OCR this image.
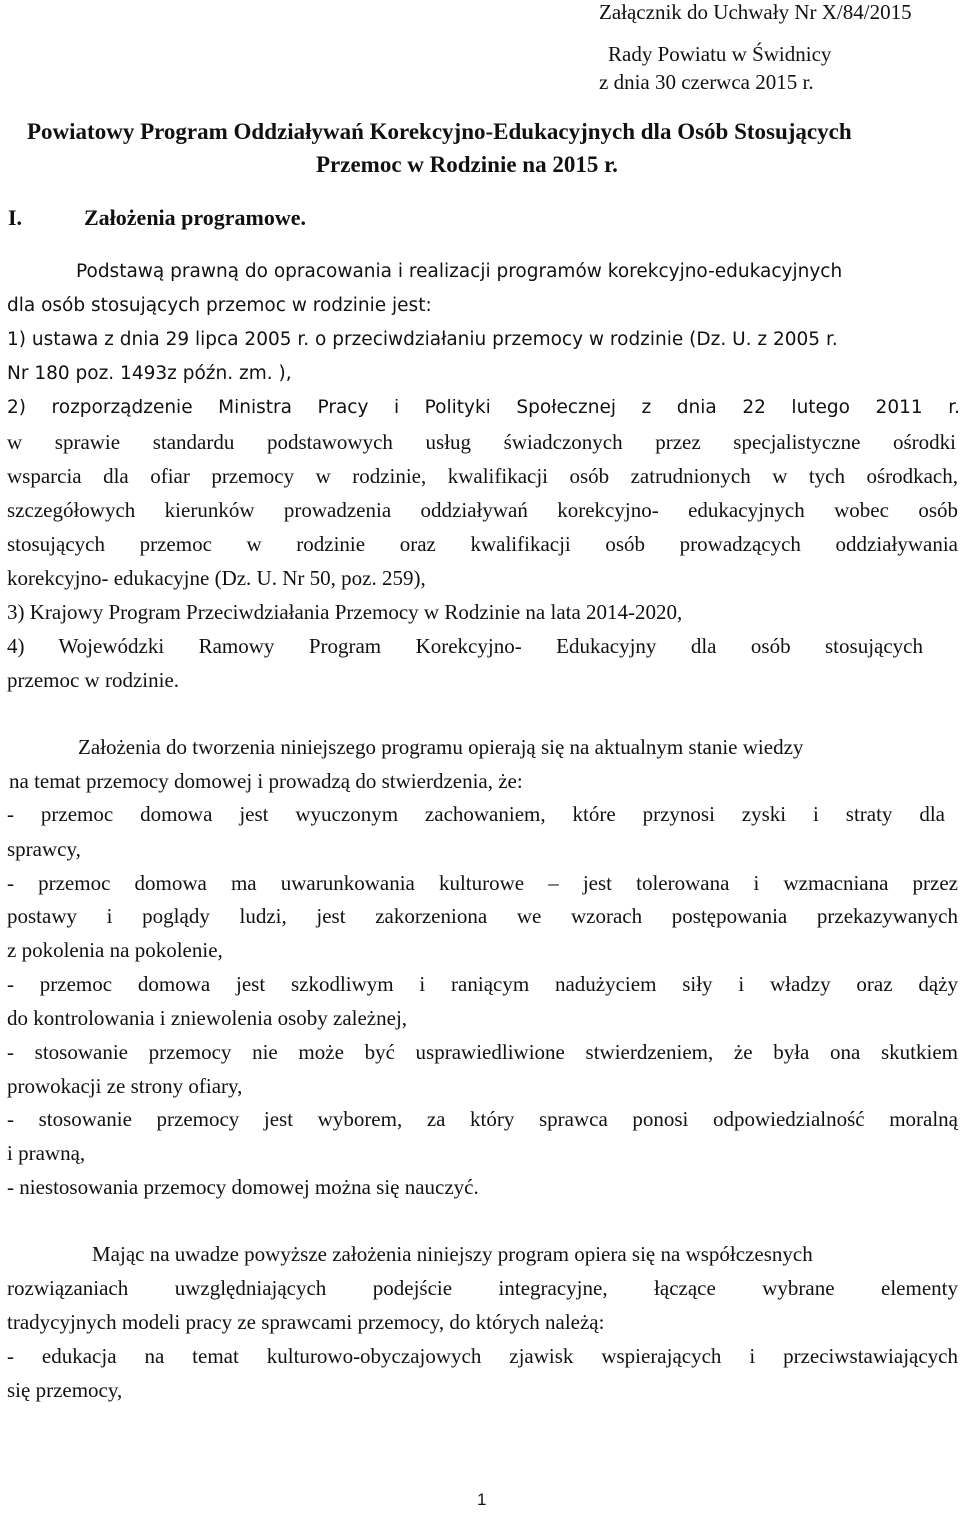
Załącznik do Uchwały Nr X/84/2015
Rady Powiatu w Świdnicy
z dnia 30 czerwca 2015 r.
Powiatowy Program Oddziaływań Korekcyjno-Edukacyjnych dla Osób Stosujących
Przemoc w Rodzinie na 2015 r.
I.	Założenia programowe.
Podstawą prawną do opracowania i realizacji programów korekcyjno-edukacyjnych
dla osób stosujących przemoc w rodzinie jest:
1) ustawa z dnia 29 lipca 2005 r. o przeciwdziałaniu przemocy w rodzinie (Dz. U. z 2005 r.
Nr 180 poz. 1493z późn. zm. ),
2) rozporządzenie Ministra Pracy i Polityki Społecznej z dnia 22 lutego 2011 r.
w sprawie standardu podstawowych usług świadczonych przez specjalistyczne ośrodki
wsparcia dla ofiar przemocy w rodzinie, kwalifikacji osób zatrudnionych w tych ośrodkach,
szczegółowych kierunków prowadzenia oddziaływań korekcyjno- edukacyjnych wobec osób
stosujących przemoc w rodzinie oraz kwalifikacji osób prowadzących oddziaływania
korekcyjno- edukacyjne (Dz. U. Nr 50, poz. 259),
3) Krajowy Program Przeciwdziałania Przemocy w Rodzinie na lata 2014-2020,
4) Wojewódzki Ramowy Program Korekcyjno- Edukacyjny dla osób stosujących
przemoc w rodzinie.
Założenia do tworzenia niniejszego programu opierają się na aktualnym stanie wiedzy
na temat przemocy domowej i prowadzą do stwierdzenia, że:
- przemoc domowa jest wyuczonym zachowaniem, które przynosi zyski i straty dla
sprawcy,
- przemoc domowa ma uwarunkowania kulturowe – jest tolerowana i wzmacniana przez
postawy i poglądy ludzi, jest zakorzeniona we wzorach postępowania przekazywanych
z pokolenia na pokolenie,
- przemoc domowa jest szkodliwym i raniącym nadużyciem siły i władzy oraz dąży
do kontrolowania i zniewolenia osoby zależnej,
- stosowanie przemocy nie może być usprawiedliwione stwierdzeniem, że była ona skutkiem
prowokacji ze strony ofiary,
- stosowanie przemocy jest wyborem, za który sprawca ponosi odpowiedzialność moralną
i prawną,
- niestosowania przemocy domowej można się nauczyć.
Mając na uwadze powyższe założenia niniejszy program opiera się na współczesnych
rozwiązaniach uwzględniających podejście integracyjne, łączące wybrane elementy
tradycyjnych modeli pracy ze sprawcami przemocy, do których należą:
- edukacja na temat kulturowo-obyczajowych zjawisk wspierających i przeciwstawiających
się przemocy,
1
